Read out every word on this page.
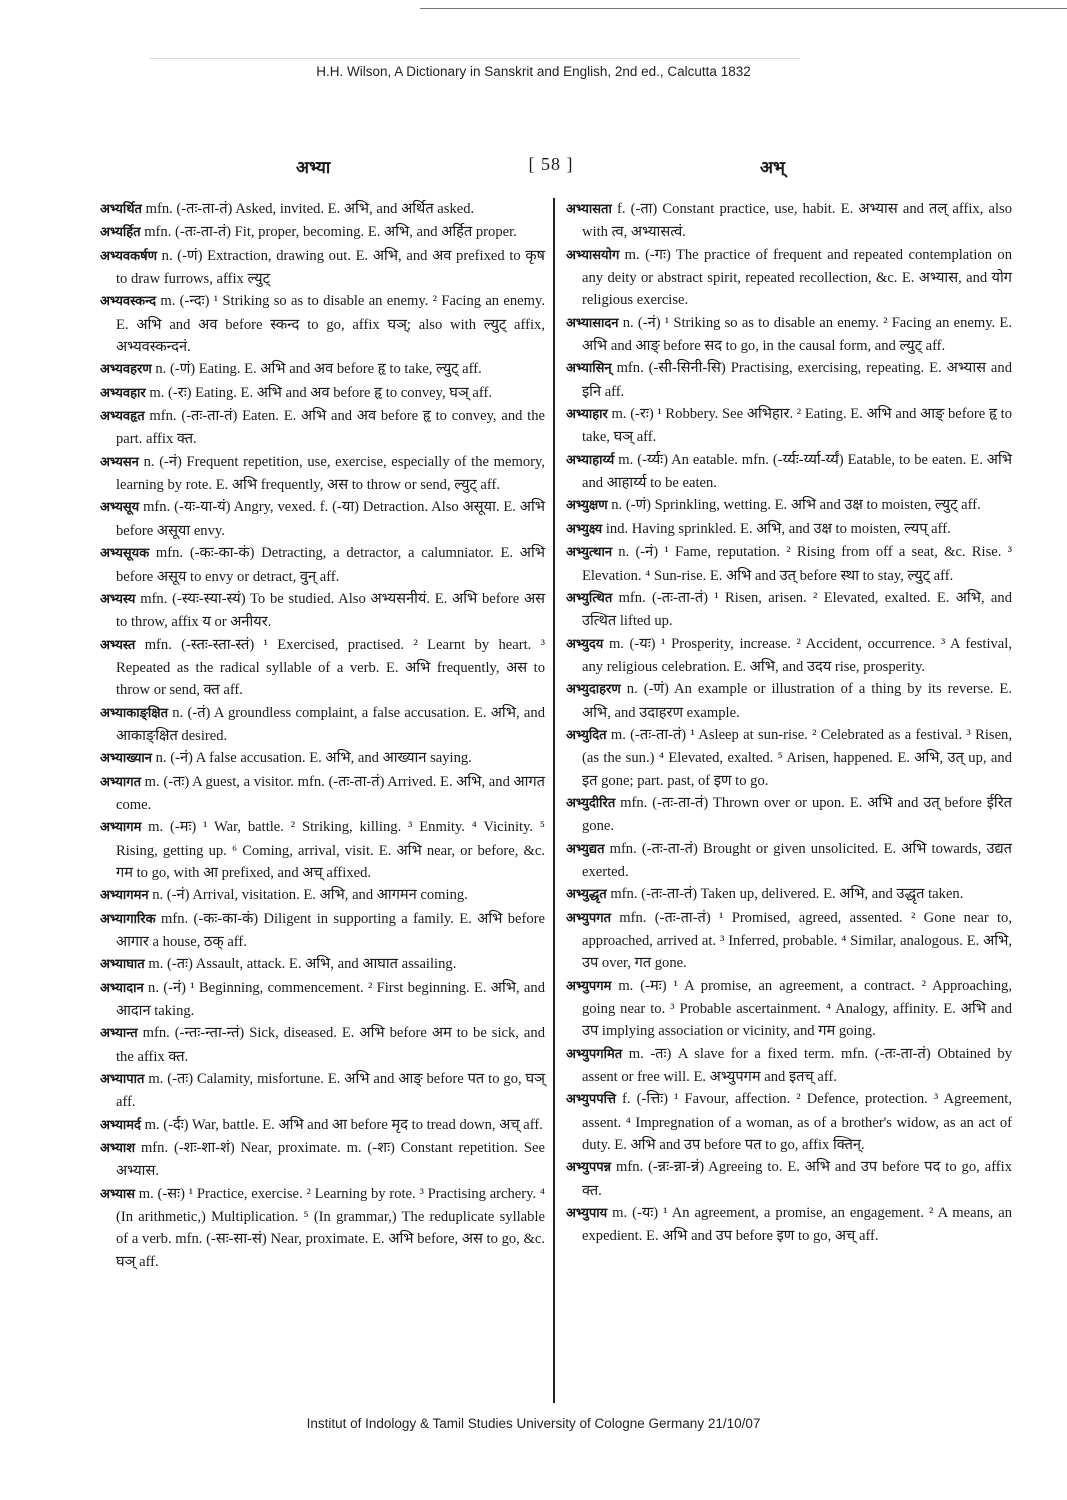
H.H. Wilson, A Dictionary in Sanskrit and English, 2nd ed., Calcutta 1832
अभ्या	[ 58 ]	अभ्

अभ्यर्थित mfn. (-तः-ता-तं) Asked, invited. E. अभि, and अर्थित asked.

अभ्यर्हित mfn. (-तः-ता-तं) Fit, proper, becoming. E. अभि, and अर्हित proper.

अभ्यवकर्षण n. (-णं) Extraction, drawing out. E. अभि, and अव prefixed to कृष to draw furrows, affix ल्युट्

अभ्यवस्कन्द m. (-न्दः) ¹ Striking so as to disable an enemy. ² Facing an enemy. E. अभि and अव before स्कन्द to go, affix घञ्; also with ल्युट् affix, अभ्यवस्कन्दनं.

अभ्यवहरण n. (-णं) Eating. E. अभि and अव before हृ to take, ल्युट् aff.

अभ्यवहार m. (-रः) Eating. E. अभि and अव before हृ to convey, घञ् aff.

अभ्यवहृत mfn. (-तः-ता-तं) Eaten. E. अभि and अव before हृ to convey, and the part. affix क्त.

अभ्यसन n. (-नं) Frequent repetition, use, exercise, especially of the memory, learning by rote. E. अभि frequently, अस to throw or send, ल्युट् aff.

अभ्यसूय mfn. (-यः-या-यं) Angry, vexed. f. (-या) Detraction. Also असूया. E. अभि before असूया envy.

अभ्यसूयक mfn. (-कः-का-कं) Detracting, a detractor, a calumniator. E. अभि before असूय to envy or detract, वुन् aff.

अभ्यस्य mfn. (-स्यः-स्या-स्यं) To be studied. Also अभ्यसनीयं. E. अभि before अस to throw, affix य or अनीयर.

अभ्यस्त mfn. (-स्तः-स्ता-स्तं) ¹ Exercised, practised. ² Learnt by heart. ³ Repeated as the radical syllable of a verb. E. अभि frequently, अस to throw or send, क्त aff.

अभ्याकाङ्क्षित n. (-तं) A groundless complaint, a false accusation. E. अभि, and आकाङ्क्षित desired.

अभ्याख्यान n. (-नं) A false accusation. E. अभि, and आख्यान saying.

अभ्यागत m. (-तः) A guest, a visitor. mfn. (-तः-ता-तं) Arrived. E. अभि, and आगत come.

अभ्यागम m. (-मः) ¹ War, battle. ² Striking, killing. ³ Enmity. ⁴ Vicinity. ⁵ Rising, getting up. ⁶ Coming, arrival, visit. E. अभि near, or before, &c. गम to go, with आ prefixed, and अच् affixed.

अभ्यागमन n. (-नं) Arrival, visitation. E. अभि, and आगमन coming.

अभ्यागारिक mfn. (-कः-का-कं) Diligent in supporting a family. E. अभि before आगार a house, ठक् aff.

अभ्याघात m. (-तः) Assault, attack. E. अभि, and आघात assailing.

अभ्यादान n. (-नं) ¹ Beginning, commencement. ² First beginning. E. अभि, and आदान taking.

अभ्यान्त mfn. (-न्तः-न्ता-न्तं) Sick, diseased. E. अभि before अम to be sick, and the affix क्त.

अभ्यापात m. (-तः) Calamity, misfortune. E. अभि and आङ् before पत to go, घञ् aff.

अभ्यामर्द m. (-र्दः) War, battle. E. अभि and आ before मृद to tread down, अच् aff.

अभ्याश mfn. (-शः-शा-शं) Near, proximate. m. (-शः) Constant repetition. See अभ्यास.

अभ्यास m. (-सः) ¹ Practice, exercise. ² Learning by rote. ³ Practising archery. ⁴ (In arithmetic,) Multiplication. ⁵ (In grammar,) The reduplicate syllable of a verb. mfn. (-सः-सा-सं) Near, proximate. E. अभि before, अस to go, &c. घञ् aff.

अभ्यासता f. (-ता) Constant practice, use, habit. E. अभ्यास and तल् affix, also with त्व, अभ्यासत्वं.

अभ्यासयोग m. (-गः) The practice of frequent and repeated contemplation on any deity or abstract spirit, repeated recollection, &c. E. अभ्यास, and योग religious exercise.

अभ्यासादन n. (-नं) ¹ Striking so as to disable an enemy. ² Facing an enemy. E. अभि and आङ् before सद to go, in the causal form, and ल्युट् aff.

अभ्यासिन् mfn. (-सी-सिनी-सि) Practising, exercising, repeating. E. अभ्यास and इनि aff.

अभ्याहार m. (-रः) ¹ Robbery. See अभिहार. ² Eating. E. अभि and आङ् before हृ to take, घञ् aff.

अभ्याहार्य्य m. (-र्य्यः) An eatable. mfn. (-र्य्यः-र्य्या-र्य्यं) Eatable, to be eaten. E. अभि and आहार्य्य to be eaten.

अभ्युक्षण n. (-णं) Sprinkling, wetting. E. अभि and उक्ष to moisten, ल्युट् aff.

अभ्युक्ष्य ind. Having sprinkled. E. अभि, and उक्ष to moisten, ल्यप् aff.

अभ्युत्थान n. (-नं) ¹ Fame, reputation. ² Rising from off a seat, &c. Rise. ³ Elevation. ⁴ Sun-rise. E. अभि and उत् before स्था to stay, ल्युट् aff.

अभ्युत्थित mfn. (-तः-ता-तं) ¹ Risen, arisen. ² Elevated, exalted. E. अभि, and उत्थित lifted up.

अभ्युदय m. (-यः) ¹ Prosperity, increase. ² Accident, occurrence. ³ A festival, any religious celebration. E. अभि, and उदय rise, prosperity.

अभ्युदाहरण n. (-णं) An example or illustration of a thing by its reverse. E. अभि, and उदाहरण example.

अभ्युदित m. (-तः-ता-तं) ¹ Asleep at sun-rise. ² Celebrated as a festival. ³ Risen, (as the sun.) ⁴ Elevated, exalted. ⁵ Arisen, happened. E. अभि, उत् up, and इत gone; part. past, of इण to go.

अभ्युदीरित mfn. (-तः-ता-तं) Thrown over or upon. E. अभि and उत् before ईरित gone.

अभ्युद्यत mfn. (-तः-ता-तं) Brought or given unsolicited. E. अभि towards, उद्यत exerted.

अभ्युद्धृत mfn. (-तः-ता-तं) Taken up, delivered. E. अभि, and उद्धृत taken.

अभ्युपगत mfn. (-तः-ता-तं) ¹ Promised, agreed, assented. ² Gone near to, approached, arrived at. ³ Inferred, probable. ⁴ Similar, analogous. E. अभि, उप over, गत gone.

अभ्युपगम m. (-मः) ¹ A promise, an agreement, a contract. ² Approaching, going near to. ³ Probable ascertainment. ⁴ Analogy, affinity. E. अभि and उप implying association or vicinity, and गम going.

अभ्युपगमित m. -तः) A slave for a fixed term. mfn. (-तः-ता-तं) Obtained by assent or free will. E. अभ्युपगम and इतच् aff.

अभ्युपपत्ति f. (-त्तिः) ¹ Favour, affection. ² Defence, protection. ³ Agreement, assent. ⁴ Impregnation of a woman, as of a brother's widow, as an act of duty. E. अभि and उप before पत to go, affix क्तिन्.

अभ्युपपन्न mfn. (-न्नः-न्ना-न्नं) Agreeing to. E. अभि and उप before पद to go, affix क्त.

अभ्युपाय m. (-यः) ¹ An agreement, a promise, an engagement. ² A means, an expedient. E. अभि and उप before इण to go, अच् aff.

Institut of Indology & Tamil Studies University of Cologne Germany 21/10/07
